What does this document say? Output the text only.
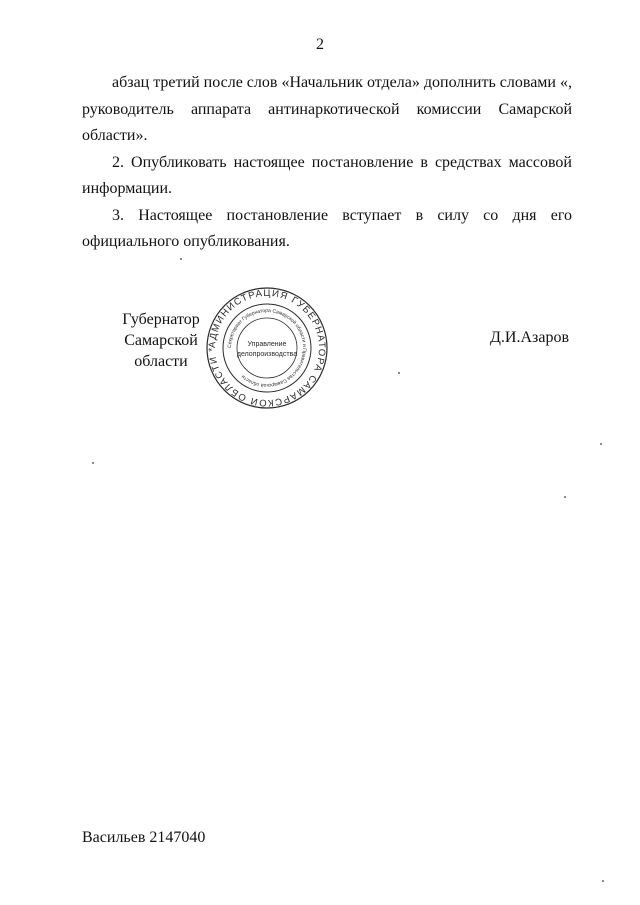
2

абзац третий после слов «Начальник отдела» дополнить словами «, руководитель аппарата антинаркотической комиссии Самарской области».

2. Опубликовать настоящее постановление в средствах массовой информации.

3. Настоящее постановление вступает в силу со дня его официального опубликования.

Губернатор
Самарской области
АДМИНИСТРАЦИЯ ГУБЕРНАТОРА САМАРСКОЙ ОБЛАСТИ *
Секретариат Губернатора Самарской области и Правительства Самарской области
Управление
делопроизводства
Д.И.Азаров
Васильев 2147040
